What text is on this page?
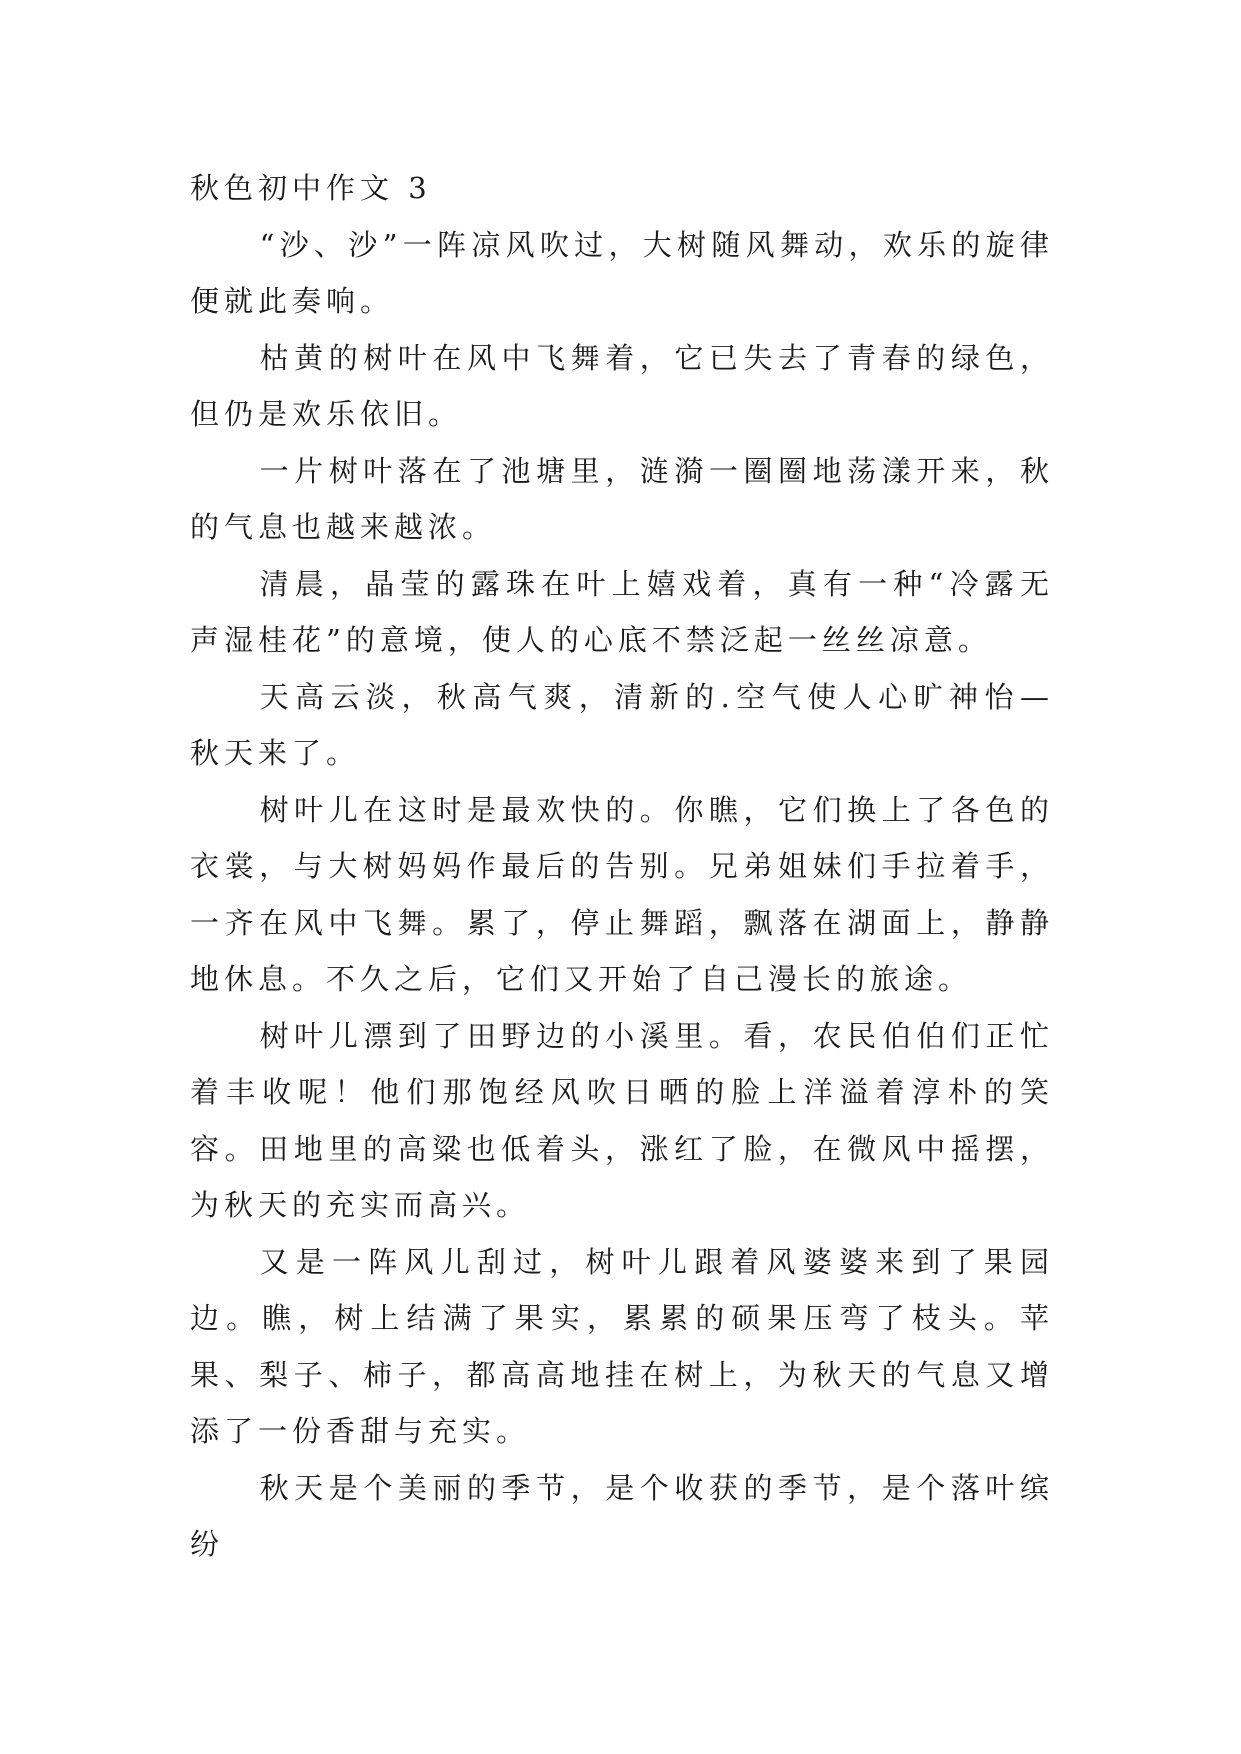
秋色初中作文 3

“沙、沙”一阵凉风吹过，大树随风舞动，欢乐的旋律便就此奏响。

枯黄的树叶在风中飞舞着，它已失去了青春的绿色，但仍是欢乐依旧。

一片树叶落在了池塘里，涟漪一圈圈地荡漾开来，秋的气息也越来越浓。

清晨，晶莹的露珠在叶上嬉戏着，真有一种“冷露无声湿桂花”的意境，使人的心底不禁泛起一丝丝凉意。

天高云淡，秋高气爽，清新的.空气使人心旷神怡—秋天来了。

树叶儿在这时是最欢快的。你瞧，它们换上了各色的衣裳，与大树妈妈作最后的告别。兄弟姐妹们手拉着手，一齐在风中飞舞。累了，停止舞蹈，飘落在湖面上，静静地休息。不久之后，它们又开始了自己漫长的旅途。

树叶儿漂到了田野边的小溪里。看，农民伯伯们正忙着丰收呢！他们那饱经风吹日晒的脸上洋溢着淳朴的笑容。田地里的高粱也低着头，涨红了脸，在微风中摇摆，为秋天的充实而高兴。

又是一阵风儿刮过，树叶儿跟着风婆婆来到了果园边。瞧，树上结满了果实，累累的硕果压弯了枝头。苹果、梨子、柿子，都高高地挂在树上，为秋天的气息又增添了一份香甜与充实。

秋天是个美丽的季节，是个收获的季节，是个落叶缤纷
